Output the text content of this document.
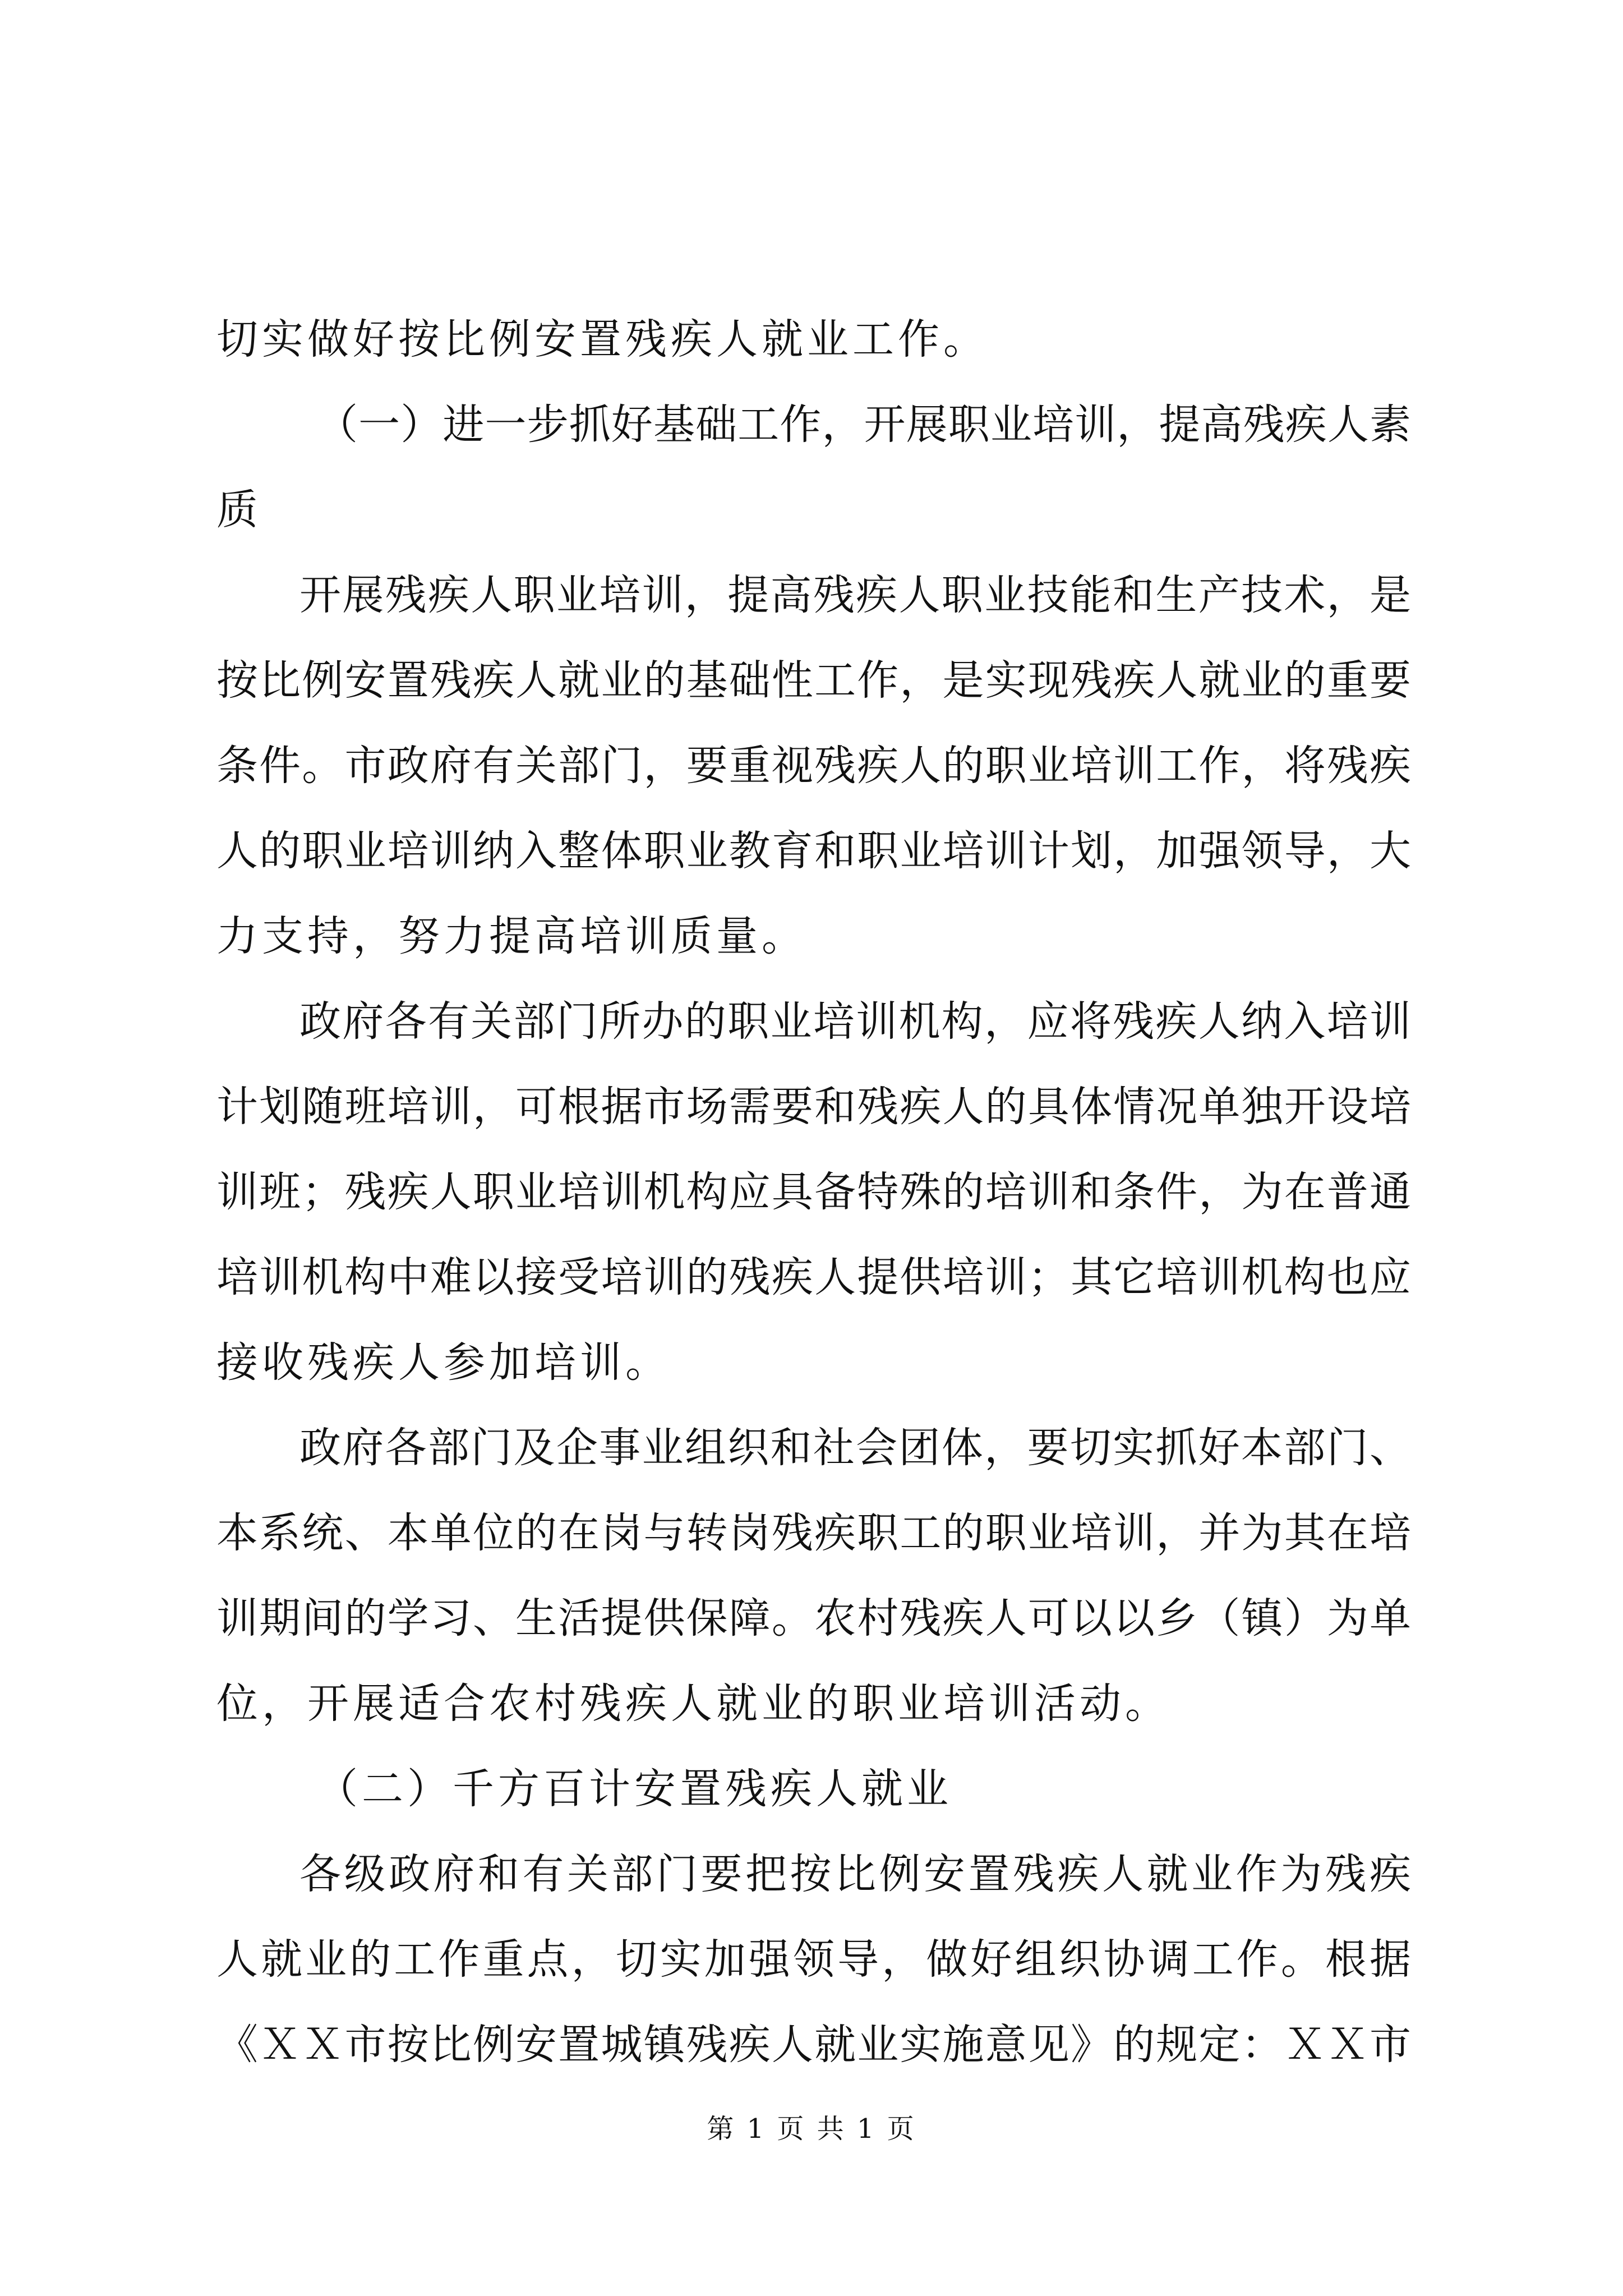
切实做好按比例安置残疾人就业工作。
（一）进一步抓好基础工作，开展职业培训，提高残疾人素
质
开展残疾人职业培训，提高残疾人职业技能和生产技术，是
按比例安置残疾人就业的基础性工作，是实现残疾人就业的重要
条件。市政府有关部门，要重视残疾人的职业培训工作，将残疾
人的职业培训纳入整体职业教育和职业培训计划，加强领导，大
力支持，努力提高培训质量。
政府各有关部门所办的职业培训机构，应将残疾人纳入培训
计划随班培训，可根据市场需要和残疾人的具体情况单独开设培
训班；残疾人职业培训机构应具备特殊的培训和条件，为在普通
培训机构中难以接受培训的残疾人提供培训；其它培训机构也应
接收残疾人参加培训。
政府各部门及企事业组织和社会团体，要切实抓好本部门、
本系统、本单位的在岗与转岗残疾职工的职业培训，并为其在培
训期间的学习、生活提供保障。农村残疾人可以以乡（镇）为单
位，开展适合农村残疾人就业的职业培训活动。
（二）千方百计安置残疾人就业
各级政府和有关部门要把按比例安置残疾人就业作为残疾
人就业的工作重点，切实加强领导，做好组织协调工作。根据
《ＸＸ市按比例安置城镇残疾人就业实施意见》的规定：ＸＸ市
第 1 页 共 1 页
